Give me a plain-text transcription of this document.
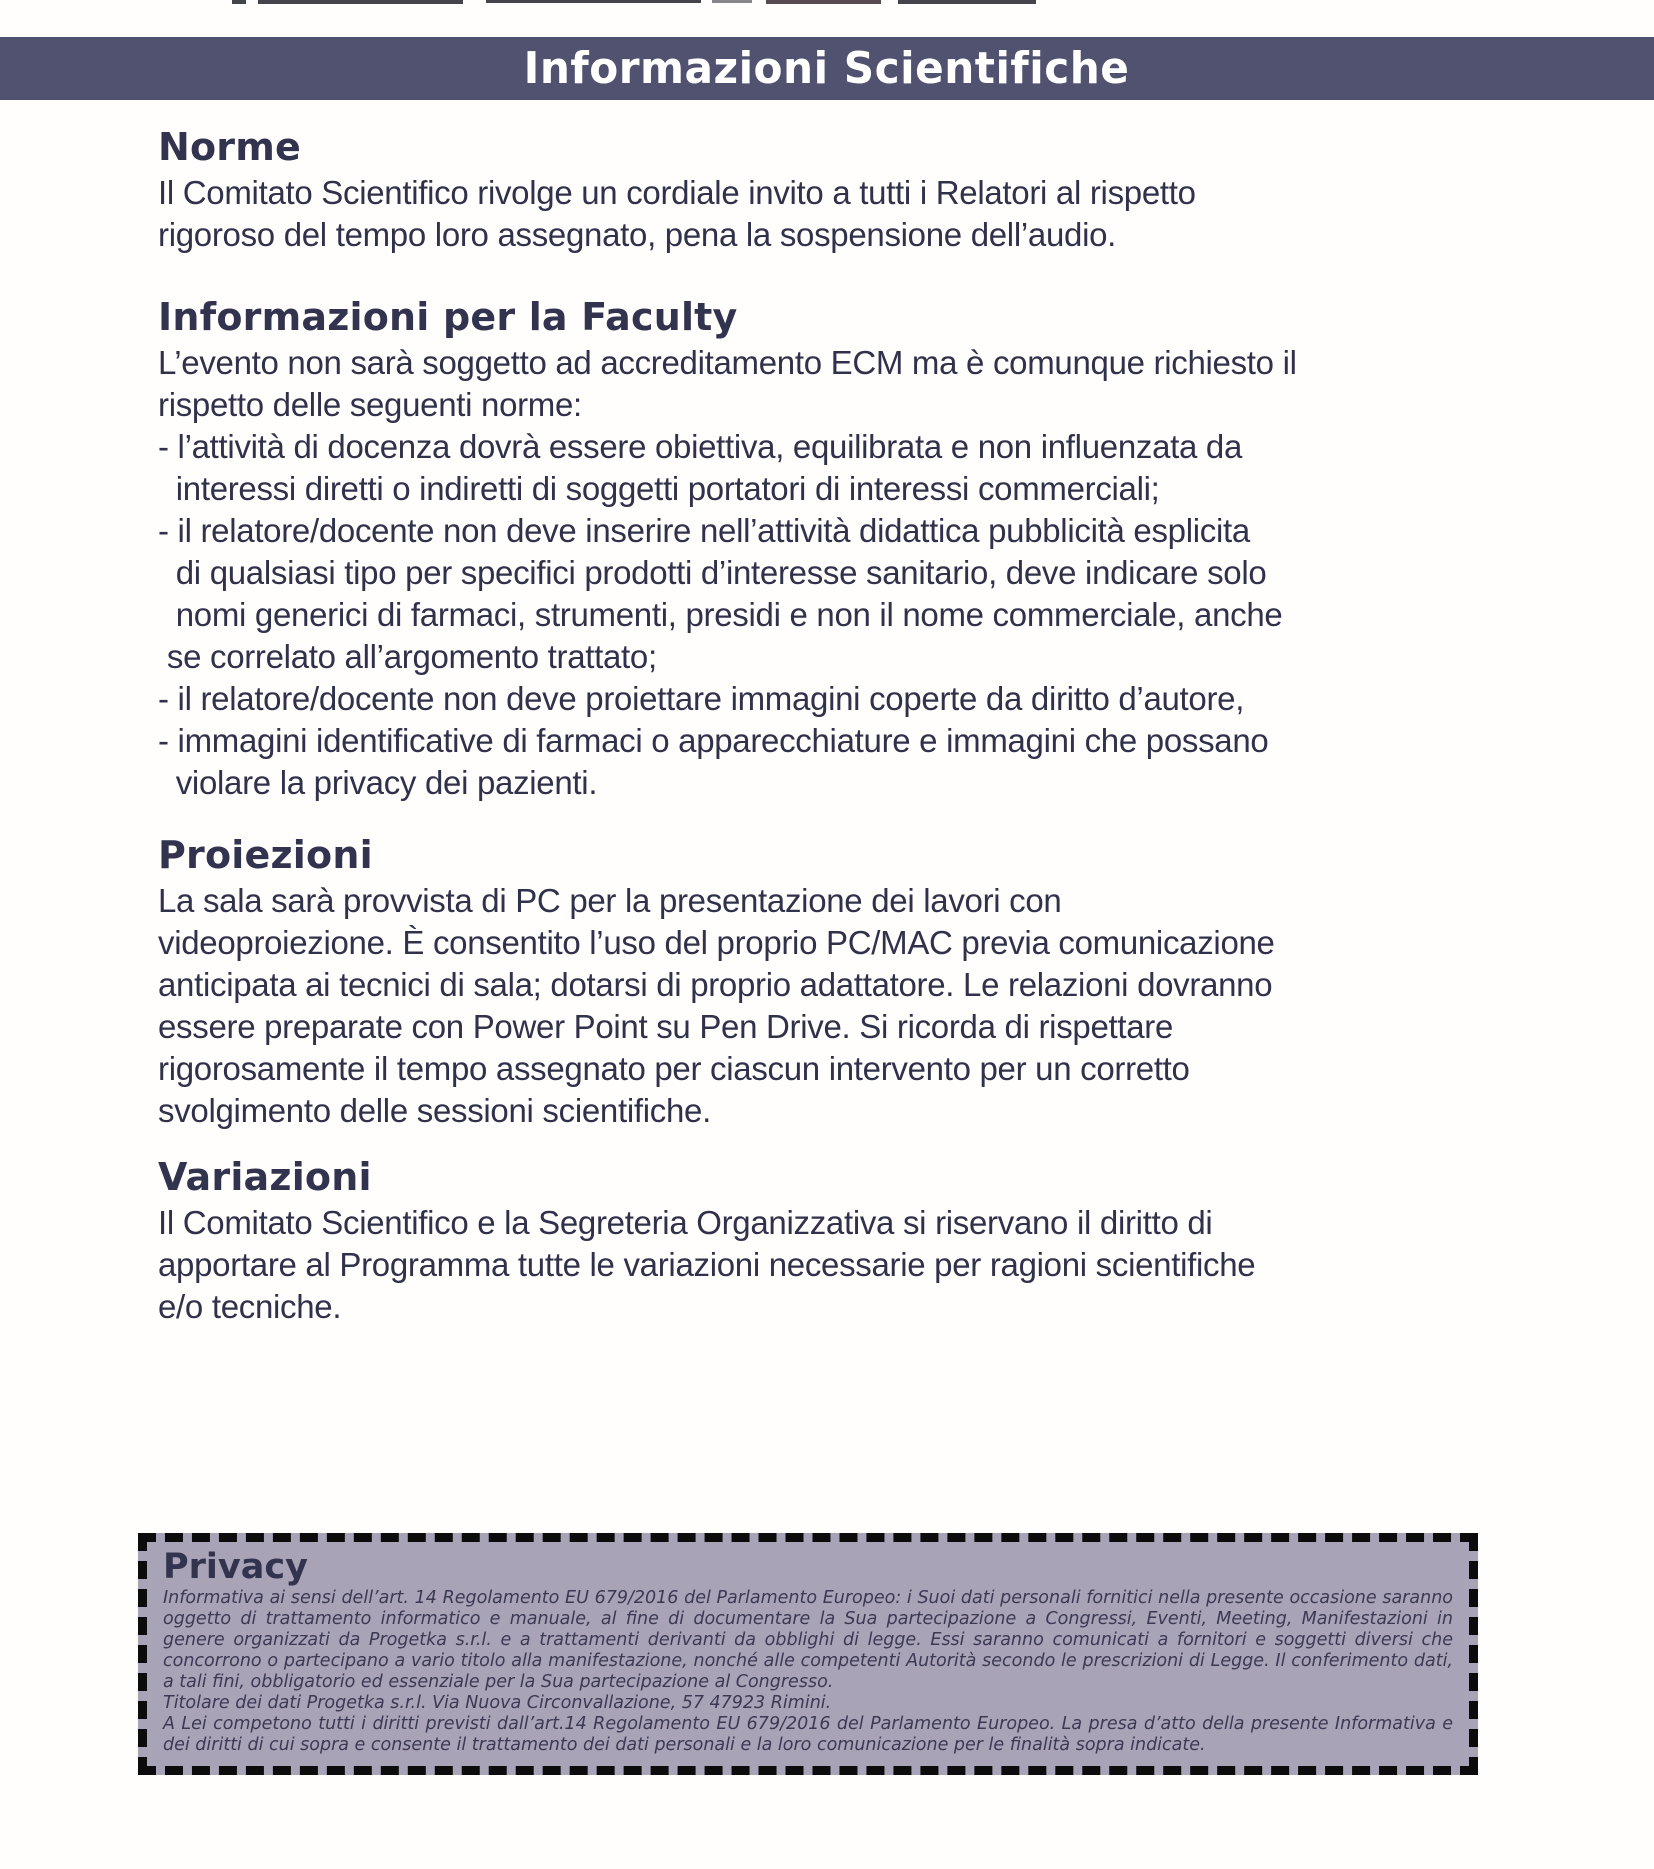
Informazioni Scientifiche
Norme
Il Comitato Scientifico rivolge un cordiale invito a tutti i Relatori al rispetto
rigoroso del tempo loro assegnato, pena la sospensione dell’audio.
Informazioni per la Faculty
L’evento non sarà soggetto ad accreditamento ECM ma è comunque richiesto il
rispetto delle seguenti norme:
- l’attività di docenza dovrà essere obiettiva, equilibrata e non influenzata da
interessi diretti o indiretti di soggetti portatori di interessi commerciali;
- il relatore/docente non deve inserire nell’attività didattica pubblicità esplicita
di qualsiasi tipo per specifici prodotti d’interesse sanitario, deve indicare solo
nomi generici di farmaci, strumenti, presidi e non il nome commerciale, anche
se correlato all’argomento trattato;
- il relatore/docente non deve proiettare immagini coperte da diritto d’autore,
- immagini identificative di farmaci o apparecchiature e immagini che possano
violare la privacy dei pazienti.
Proiezioni
La sala sarà provvista di PC per la presentazione dei lavori con
videoproiezione. È consentito l’uso del proprio PC/MAC previa comunicazione
anticipata ai tecnici di sala; dotarsi di proprio adattatore. Le relazioni dovranno
essere preparate con Power Point su Pen Drive. Si ricorda di rispettare
rigorosamente il tempo assegnato per ciascun intervento per un corretto
svolgimento delle sessioni scientifiche.
Variazioni
Il Comitato Scientifico e la Segreteria Organizzativa si riservano il diritto di
apportare al Programma tutte le variazioni necessarie per ragioni scientifiche
e/o tecniche.
Privacy

Informativa ai sensi dell’art. 14 Regolamento EU 679/2016 del Parlamento Europeo: i Suoi dati personali fornitici nella presente occasione saranno oggetto di trattamento informatico e manuale, al fine di documentare la Sua partecipazione a Congressi, Eventi, Meeting, Manifestazioni in genere organizzati da Progetka s.r.l. e a trattamenti derivanti da obblighi di legge. Essi saranno comunicati a fornitori e soggetti diversi che concorrono o partecipano a vario titolo alla manifestazione, nonché alle competenti Autorità secondo le prescrizioni di Legge. Il conferimento dati, a tali fini, obbligatorio ed essenziale per la Sua partecipazione al Congresso.

Titolare dei dati Progetka s.r.l. Via Nuova Circonvallazione, 57 47923 Rimini.

A Lei competono tutti i diritti previsti dall’art.14 Regolamento EU 679/2016 del Parlamento Europeo. La presa d’atto della presente Informativa e dei diritti di cui sopra e consente il trattamento dei dati personali e la loro comunicazione per le finalità sopra indicate.
